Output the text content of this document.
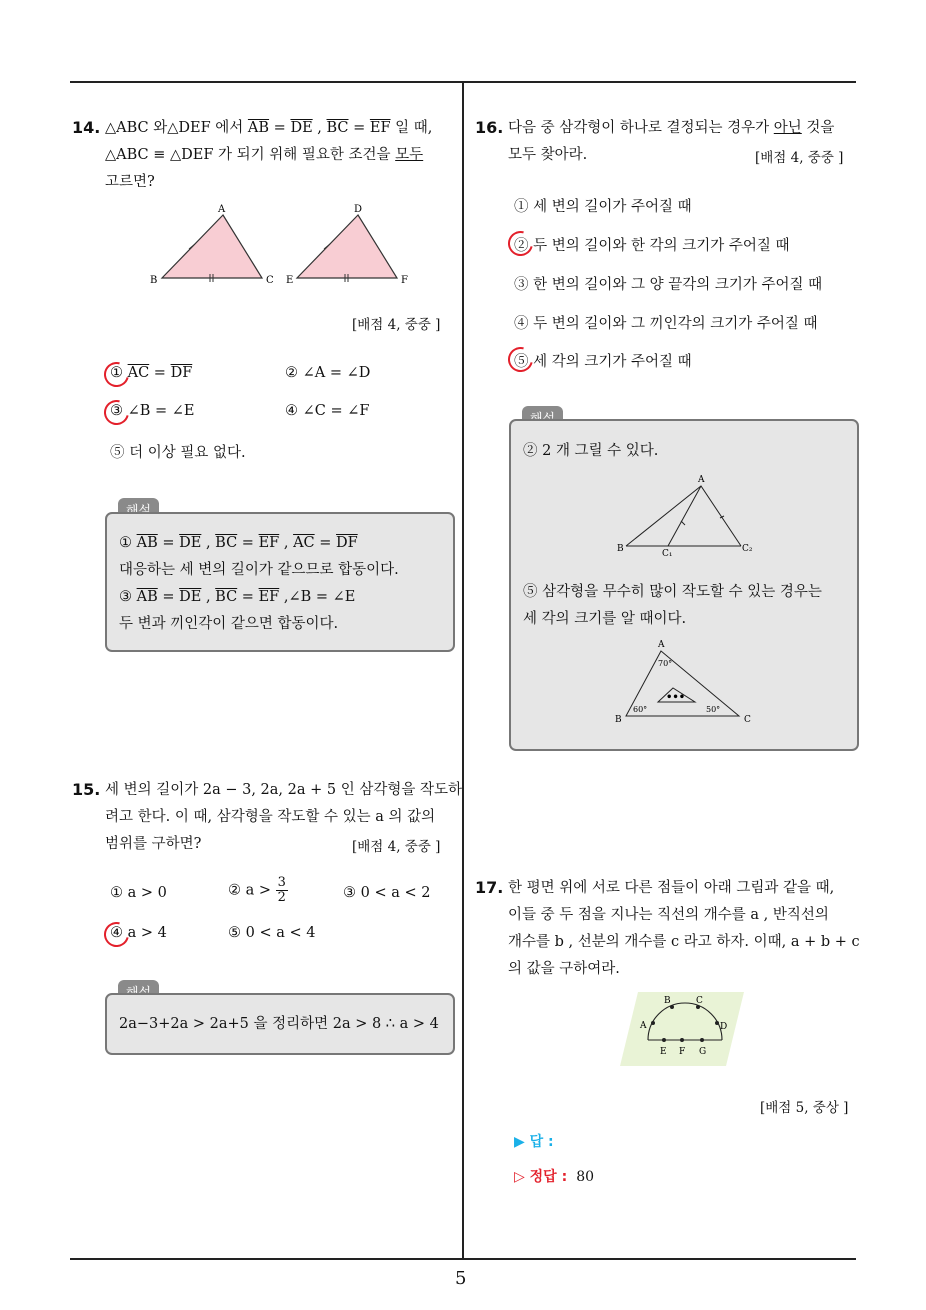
5
14. △ABC 와△DEF 에서 $\overline{AB} = \overline{DE}$ , $\overline{BC} = \overline{EF}$ 일 때,
△ABC ≡ △DEF 가 되기 위해 필요한 조건을 모두
고르면?
A
B	C
D
E	F
[배점 4, 중중 ]
① $\overline{AC} = \overline{DF}$	② ∠A = ∠D
③ ∠B = ∠E	④ ∠C = ∠F
⑤ 더 이상 필요 없다.
① $\overline{AB} = \overline{DE}$ , $\overline{BC} = \overline{EF}$ , $\overline{AC} = \overline{DF}$
대응하는 세 변의 길이가 같으므로 합동이다.
③ $\overline{AB} = \overline{DE}$ , $\overline{BC} = \overline{EF}$ ,∠B = ∠E
두 변과 끼인각이 같으면 합동이다.
15. 세 변의 길이가 2a − 3, 2a, 2a + 5 인 삼각형을 작도하
려고 한다. 이 때, 삼각형을 작도할 수 있는 a 의 값의
범위를 구하면?	[배점 4, 중중 ]
① a > 0	② $a > \frac{3}{2}$	③ 0 < a < 2
④ a > 4	⑤ 0 < a < 4
2a−3+2a > 2a+5 을 정리하면 2a > 8 ∴ a > 4
16. 다음 중 삼각형이 하나로 결정되는 경우가 아닌 것을
모두 찾아라.	[배점 4, 중중 ]
① 세 변의 길이가 주어질 때
② 두 변의 길이와 한 각의 크기가 주어질 때
③ 한 변의 길이와 그 양 끝각의 크기가 주어질 때
④ 두 변의 길이와 그 끼인각의 크기가 주어질 때
⑤ 세 각의 크기가 주어질 때
② 2 개 그릴 수 있다.
A
B	C₁	C₂
⑤ 삼각형을 무수히 많이 작도할 수 있는 경우는
세 각의 크기를 알 때이다.
A
B	C
70°
60°	50°
•••
17. 한 평면 위에 서로 다른 점들이 아래 그림과 같을 때,
이들 중 두 점을 지나는 직선의 개수를 a , 반직선의
개수를 b , 선분의 개수를 c 라고 하자. 이때, a + b + c
의 값을 구하여라.
A
B	C
D
E F G
[배점 5, 중상 ]
▶ 답 :
▷ 정답 : 80
